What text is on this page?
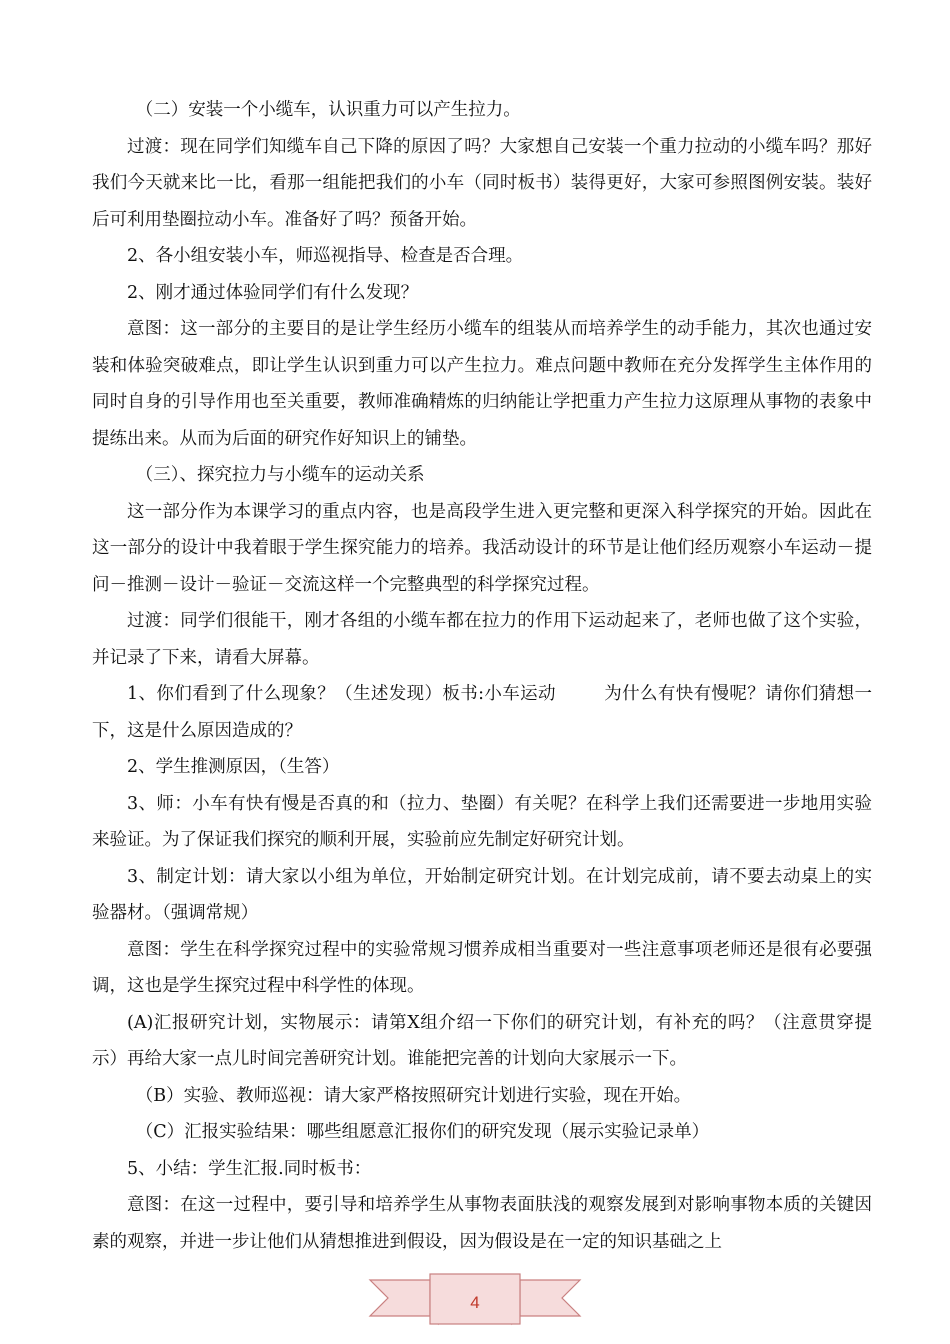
（二）安装一个小缆车，认识重力可以产生拉力。

过渡：现在同学们知缆车自己下降的原因了吗？大家想自己安装一个重力拉动的小缆车吗？那好我们今天就来比一比，看那一组能把我们的小车（同时板书）装得更好，大家可参照图例安装。装好后可利用垫圈拉动小车。准备好了吗？预备开始。

2、各小组安装小车，师巡视指导、检查是否合理。

2、刚才通过体验同学们有什么发现？

意图：这一部分的主要目的是让学生经历小缆车的组装从而培养学生的动手能力，其次也通过安装和体验突破难点，即让学生认识到重力可以产生拉力。难点问题中教师在充分发挥学生主体作用的同时自身的引导作用也至关重要，教师准确精炼的归纳能让学把重力产生拉力这原理从事物的表象中提练出来。从而为后面的研究作好知识上的铺垫。

（三）、探究拉力与小缆车的运动关系

这一部分作为本课学习的重点内容，也是高段学生进入更完整和更深入科学探究的开始。因此在这一部分的设计中我着眼于学生探究能力的培养。我活动设计的环节是让他们经历观察小车运动－提问－推测－设计－验证－交流这样一个完整典型的科学探究过程。

过渡：同学们很能干，刚才各组的小缆车都在拉力的作用下运动起来了，老师也做了这个实验，并记录了下来，请看大屏幕。

1、你们看到了什么现象？（生述发现）板书:小车运动	为什么有快有慢呢？请你们猜想一下，这是什么原因造成的？

2、学生推测原因，（生答）

3、师：小车有快有慢是否真的和（拉力、垫圈）有关呢？在科学上我们还需要进一步地用实验来验证。为了保证我们探究的顺利开展，实验前应先制定好研究计划。

3、制定计划：请大家以小组为单位，开始制定研究计划。在计划完成前，请不要去动桌上的实验器材。（强调常规）

意图：学生在科学探究过程中的实验常规习惯养成相当重要对一些注意事项老师还是很有必要强调，这也是学生探究过程中科学性的体现。

(A)汇报研究计划，实物展示：请第X组介绍一下你们的研究计划，有补充的吗？（注意贯穿提示）再给大家一点儿时间完善研究计划。谁能把完善的计划向大家展示一下。

（B）实验、教师巡视：请大家严格按照研究计划进行实验，现在开始。

（C）汇报实验结果：哪些组愿意汇报你们的研究发现（展示实验记录单）

5、小结：学生汇报.同时板书：

意图：在这一过程中，要引导和培养学生从事物表面肤浅的观察发展到对影响事物本质的关键因素的观察，并进一步让他们从猜想推进到假设，因为假设是在一定的知识基础之上

4
